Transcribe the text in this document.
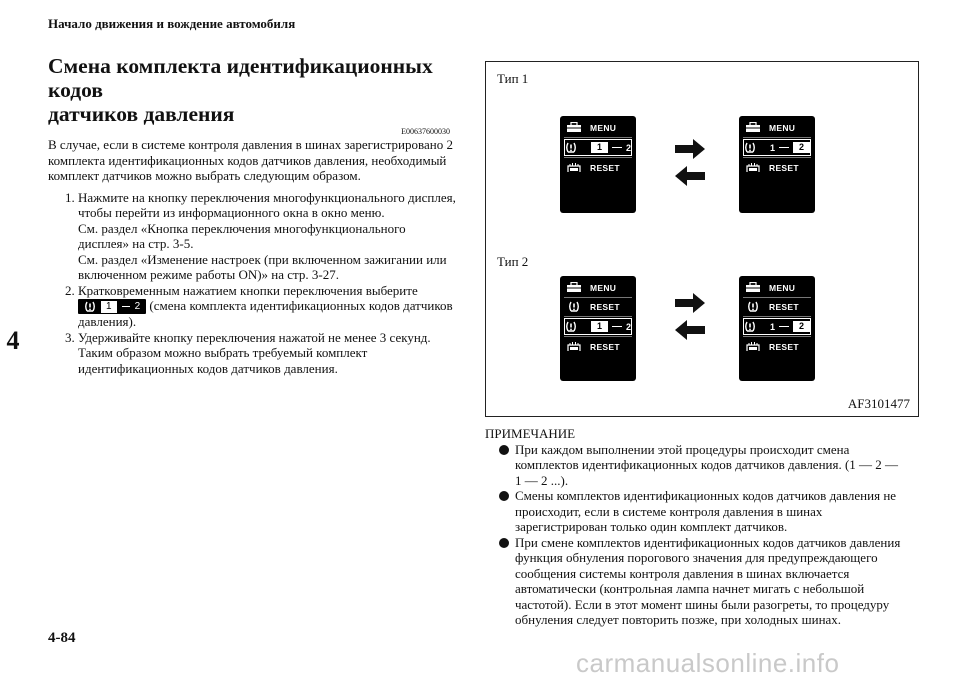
Начало движения и вождение автомобиля
4
4-84
carmanualsonline.info
Смена комплекта идентификационных кодов
датчиков давления
E00637600030
В случае, если в системе контроля давления в шинах зарегистрировано 2 комплекта идентификационных кодов датчиков давления, необходимый комплект датчиков можно выбрать следующим образом.
1. Нажмите на кнопку переключения многофункционального дисплея, чтобы перейти из информационного окна в окно меню.
См. раздел «Кнопка переключения многофункционального дисплея» на стр. 3-5.
См. раздел «Изменение настроек (при включенном зажигании или включенном режиме работы ON)» на стр. 3-27.
2. Кратковременным нажатием кнопки переключения выберите
1	2 (смена комплекта идентификационных кодов датчиков давления).
3. Удерживайте кнопку переключения нажатой не менее 3 секунд. Таким образом можно выбрать требуемый комплект идентификационных кодов датчиков давления.
Тип 1
Тип 2
AF3101477
MENU
1	2
RESET
MENU
1	2
RESET
MENU
RESET
1	2
RESET
MENU
RESET
1	2
RESET
ПРИМЕЧАНИЕ
При каждом выполнении этой процедуры происходит смена комплектов идентификационных кодов датчиков давления. (1 — 2 — 1 — 2 ...).
Смены комплектов идентификационных кодов датчиков давления не происходит, если в системе контроля давления в шинах зарегистрирован только один комплект датчиков.
При смене комплектов идентификационных кодов датчиков давления функция обнуления порогового значения для предупреждающего сообщения системы контроля давления в шинах включается автоматически (контрольная лампа начнет мигать с небольшой частотой). Если в этот момент шины были разогреты, то процедуру обнуления следует повторить позже, при холодных шинах.
